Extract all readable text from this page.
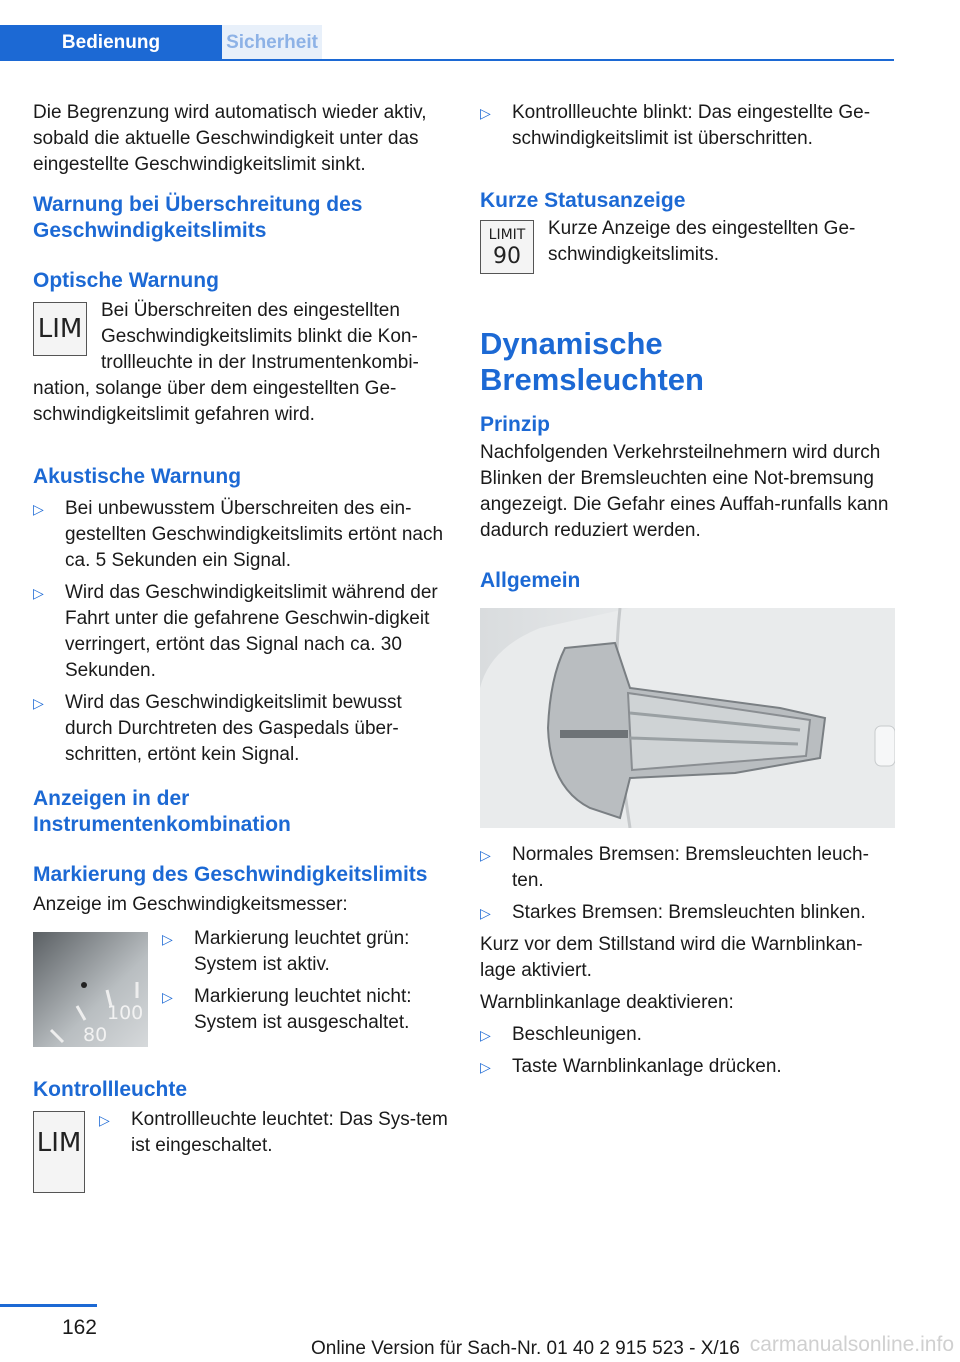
Bedienung	Sicherheit

Die Begrenzung wird automatisch wieder aktiv, sobald die aktuelle Geschwindigkeit unter das eingestellte Geschwindigkeitslimit sinkt.

Warnung bei Überschreitung des Geschwindigkeitslimits
Optische Warnung
LIM

Bei Überschreiten des eingestellten Geschwindigkeitslimits blinkt die Kon-trollleuchte in der Instrumentenkombi-nation, solange über dem eingestellten Ge-schwindigkeitslimit gefahren wird.

Akustische Warnung
▷ Bei unbewusstem Überschreiten des ein-gestellten Geschwindigkeitslimits ertönt nach ca. 5 Sekunden ein Signal.
▷ Wird das Geschwindigkeitslimit während der Fahrt unter die gefahrene Geschwin-digkeit verringert, ertönt das Signal nach ca. 30 Sekunden.
▷ Wird das Geschwindigkeitslimit bewusst durch Durchtreten des Gaspedals über-schritten, ertönt kein Signal.
Anzeigen in der Instrumentenkombination
Markierung des Geschwindigkeitslimits

Anzeige im Geschwindigkeitsmesser:

100
80
▷ Markierung leuchtet grün: System ist aktiv.
▷ Markierung leuchtet nicht: System ist ausgeschaltet.
Kontrollleuchte
LIM
▷ Kontrollleuchte leuchtet: Das Sys-tem ist eingeschaltet.
▷ Kontrollleuchte blinkt: Das eingestellte Ge-schwindigkeitslimit ist überschritten.
Kurze Statusanzeige
LIMIT
90

Kurze Anzeige des eingestellten Ge-schwindigkeitslimits.

Dynamische Bremsleuchten
Prinzip

Nachfolgenden Verkehrsteilnehmern wird durch Blinken der Bremsleuchten eine Not-bremsung angezeigt. Die Gefahr eines Auffah-runfalls kann dadurch reduziert werden.

Allgemein
▷ Normales Bremsen: Bremsleuchten leuch-ten.
▷ Starkes Bremsen: Bremsleuchten blinken.

Kurz vor dem Stillstand wird die Warnblinkan-lage aktiviert.

Warnblinkanlage deaktivieren:

▷ Beschleunigen.
▷ Taste Warnblinkanlage drücken.
162
Online Version für Sach-Nr. 01 40 2 915 523 - X/16 carmanualsonline.info
